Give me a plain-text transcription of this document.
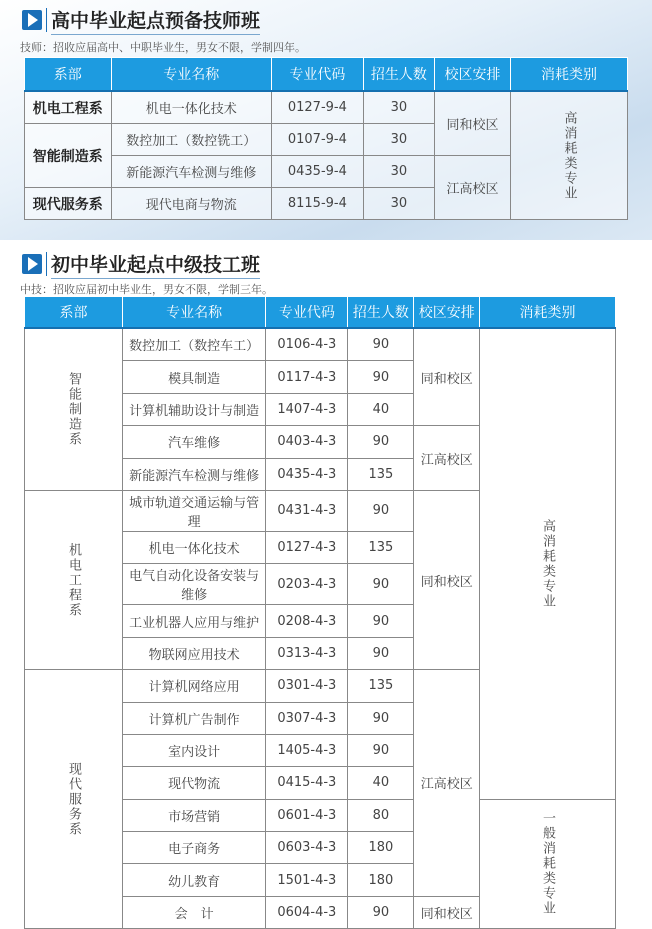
高中毕业起点预备技师班
技师：招收应届高中、中职毕业生，男女不限，学制四年。
系部	专业名称	专业代码	招生人数	校区安排	消耗类别
机电工程系	机电一体化技术	0127-9-4	30	同和校区	高消耗类专业

智能制造系	数控加工（数控铣工）	0107-9-4	30		
	新能源汽车检测与维修	0435-9-4	30	江高校区	
现代服务系	现代电商与物流	8115-9-4	30		
初中毕业起点中级技工班
中技：招收应届初中毕业生，男女不限，学制三年。
系部	专业名称	专业代码	招生人数	校区安排	消耗类别

智能制造系	数控加工（数控车工）	0106-4-3	90	同和校区	高消耗类专业

	模具制造	0117-4-3	90		
	计算机辅助设计与制造	1407-4-3	40		
	汽车维修	0403-4-3	90	江高校区	
	新能源汽车检测与维修	0435-4-3	135		

机电工程系	城市轨道交通运输与管理	0431-4-3	90	同和校区	
	机电一体化技术	0127-4-3	135		
	电气自动化设备安装与维修	0203-4-3	90		
	工业机器人应用与维护	0208-4-3	90		
	物联网应用技术	0313-4-3	90		

现代服务系	计算机网络应用	0301-4-3	135	江高校区	
	计算机广告制作	0307-4-3	90		
	室内设计	1405-4-3	90		
	现代物流	0415-4-3	40		
	市场营销	0601-4-3	80		一般消耗类专业

	电子商务	0603-4-3	180		
	幼儿教育	1501-4-3	180		
	会　计	0604-4-3	90	同和校区	
